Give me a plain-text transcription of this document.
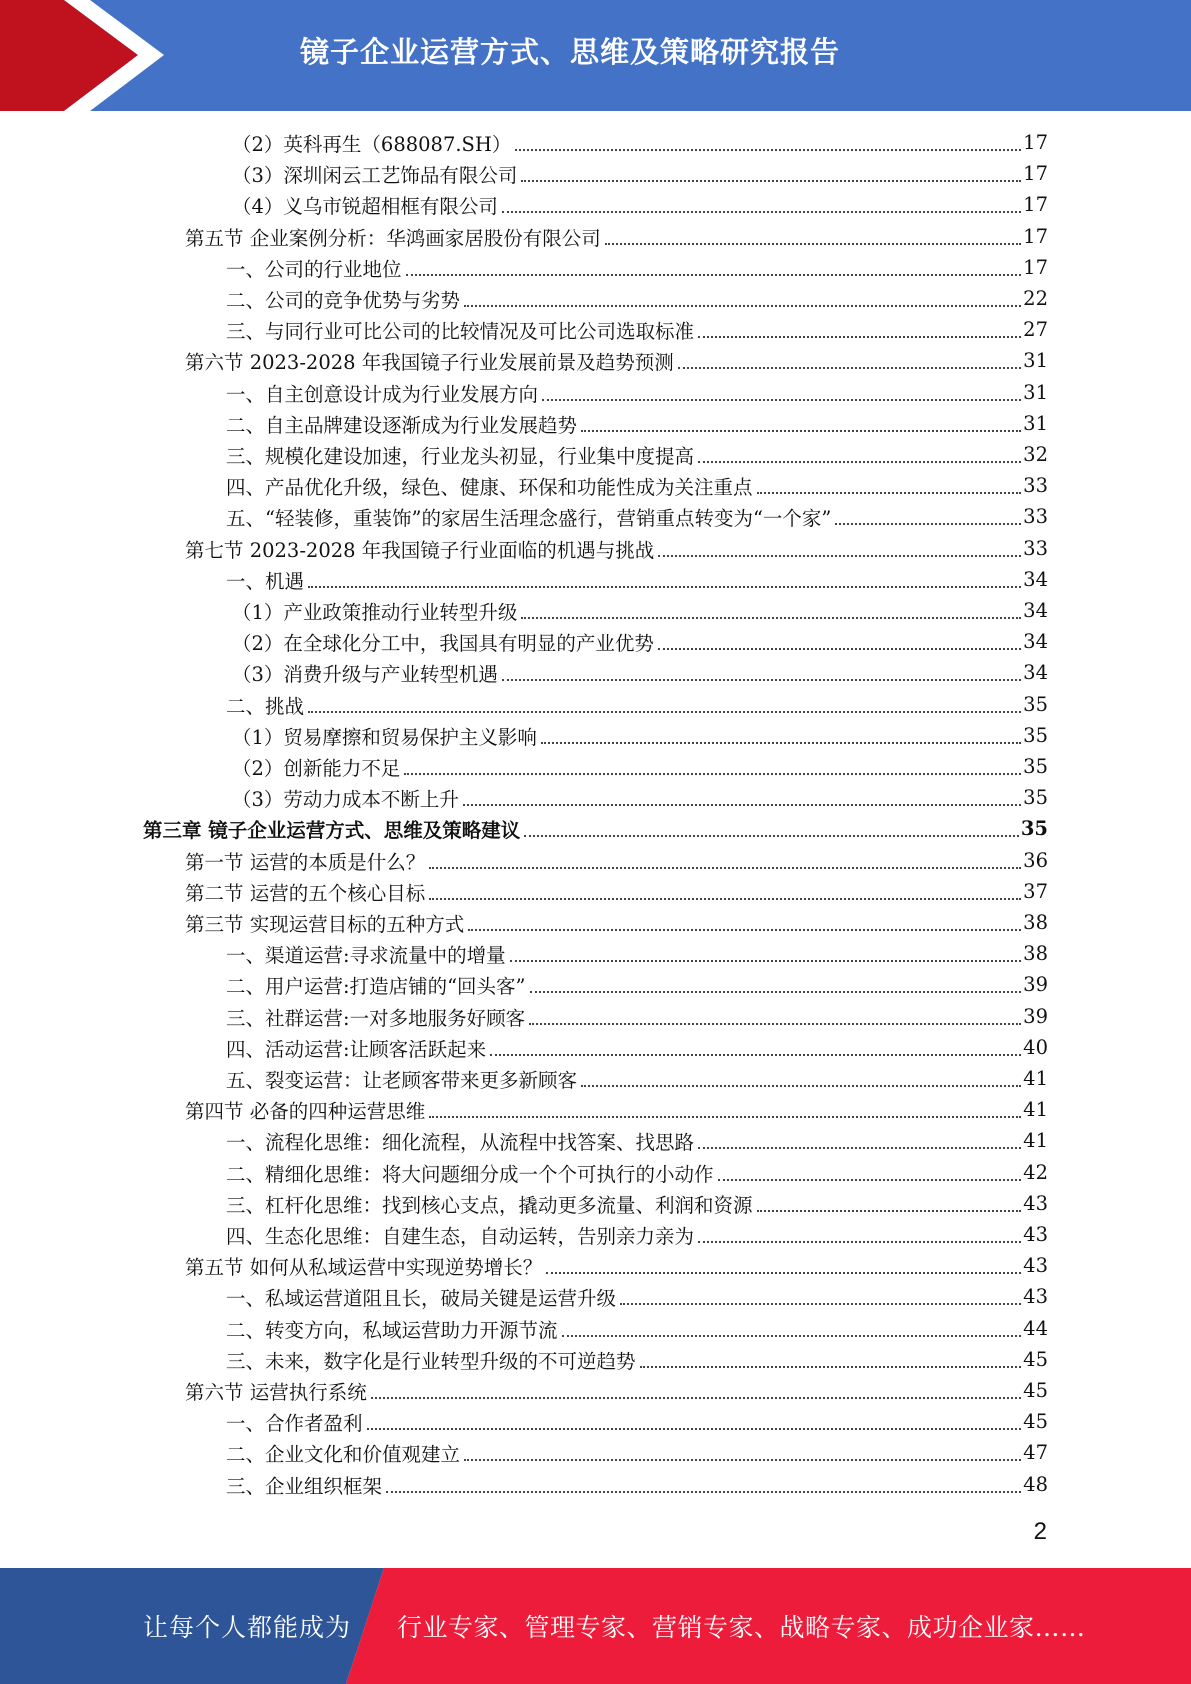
镜子企业运营方式、思维及策略研究报告
（2）英科再生（688087.SH）	17
（3）深圳闲云工艺饰品有限公司	17
（4）义乌市锐超相框有限公司	17
第五节 企业案例分析：华鸿画家居股份有限公司	17
一、公司的行业地位	17
二、公司的竞争优势与劣势	22
三、与同行业可比公司的比较情况及可比公司选取标准	27
第六节 2023-2028 年我国镜子行业发展前景及趋势预测	31
一、自主创意设计成为行业发展方向	31
二、自主品牌建设逐渐成为行业发展趋势	31
三、规模化建设加速，行业龙头初显，行业集中度提高	32
四、产品优化升级，绿色、健康、环保和功能性成为关注重点	33
五、“轻装修，重装饰”的家居生活理念盛行，营销重点转变为“一个家”	33
第七节 2023-2028 年我国镜子行业面临的机遇与挑战	33
一、机遇	34
（1）产业政策推动行业转型升级	34
（2）在全球化分工中，我国具有明显的产业优势	34
（3）消费升级与产业转型机遇	34
二、挑战	35
（1）贸易摩擦和贸易保护主义影响	35
（2）创新能力不足	35
（3）劳动力成本不断上升	35
第三章 镜子企业运营方式、思维及策略建议	35
第一节 运营的本质是什么？	36
第二节 运营的五个核心目标	37
第三节 实现运营目标的五种方式	38
一、渠道运营:寻求流量中的增量	38
二、用户运营:打造店铺的“回头客”	39
三、社群运营:一对多地服务好顾客	39
四、活动运营:让顾客活跃起来	40
五、裂变运营：让老顾客带来更多新顾客	41
第四节 必备的四种运营思维	41
一、流程化思维：细化流程，从流程中找答案、找思路	41
二、精细化思维：将大问题细分成一个个可执行的小动作	42
三、杠杆化思维：找到核心支点，撬动更多流量、利润和资源	43
四、生态化思维：自建生态，自动运转，告别亲力亲为	43
第五节 如何从私域运营中实现逆势增长？	43
一、私域运营道阻且长，破局关键是运营升级	43
二、转变方向，私域运营助力开源节流	44
三、未来，数字化是行业转型升级的不可逆趋势	45
第六节 运营执行系统	45
一、合作者盈利	45
二、企业文化和价值观建立	47
三、企业组织框架	48
2
让每个人都能成为 行业专家、管理专家、营销专家、战略专家、成功企业家……
